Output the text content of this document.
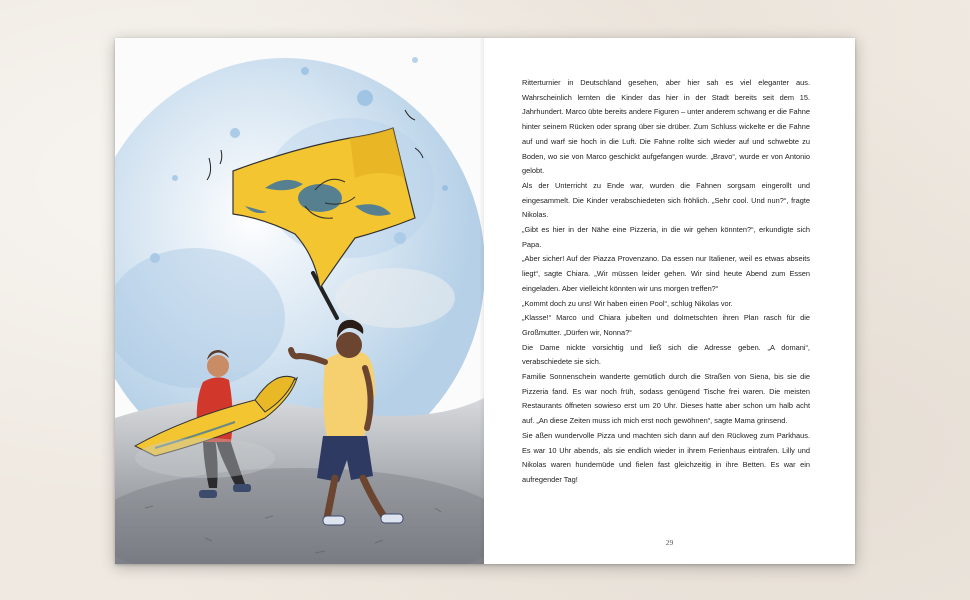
Ritterturnier in Deutschland gesehen, aber hier sah es viel eleganter aus. Wahrscheinlich lernten die Kinder das hier in der Stadt bereits seit dem 15. Jahrhundert. Marco übte bereits andere Figuren – unter anderem schwang er die Fahne hinter seinem Rücken oder sprang über sie drüber. Zum Schluss wickelte er die Fahne auf und warf sie hoch in die Luft. Die Fahne rollte sich wieder auf und schwebte zu Boden, wo sie von Marco geschickt aufgefangen wurde. „Bravo“, wurde er von Antonio gelobt.

Als der Unterricht zu Ende war, wurden die Fahnen sorgsam eingerollt und eingesammelt. Die Kinder verabschiedeten sich fröhlich. „Sehr cool. Und nun?“, fragte Nikolas.

„Gibt es hier in der Nähe eine Pizzeria, in die wir gehen könnten?“, erkundigte sich Papa.

„Aber sicher! Auf der Piazza Provenzano. Da essen nur Italiener, weil es etwas abseits liegt“, sagte Chiara. „Wir müssen leider gehen. Wir sind heute Abend zum Essen eingeladen. Aber vielleicht könnten wir uns morgen treffen?“

„Kommt doch zu uns! Wir haben einen Pool“, schlug Nikolas vor.

„Klasse!“ Marco und Chiara jubelten und dolmetschten ihren Plan rasch für die Großmutter. „Dürfen wir, Nonna?“

Die Dame nickte vorsichtig und ließ sich die Adresse geben. „A domani“, verabschiedete sie sich.

Familie Sonnenschein wanderte gemütlich durch die Straßen von Siena, bis sie die Pizzeria fand. Es war noch früh, sodass genügend Tische frei waren. Die meisten Restaurants öffneten sowieso erst um 20 Uhr. Dieses hatte aber schon um halb acht auf. „An diese Zeiten muss ich mich erst noch gewöhnen“, sagte Mama grinsend.

Sie aßen wundervolle Pizza und machten sich dann auf den Rückweg zum Parkhaus. Es war 10 Uhr abends, als sie endlich wieder in ihrem Ferienhaus eintrafen. Lilly und Nikolas waren hundemüde und fielen fast gleichzeitig in ihre Betten. Es war ein aufregender Tag!

29
